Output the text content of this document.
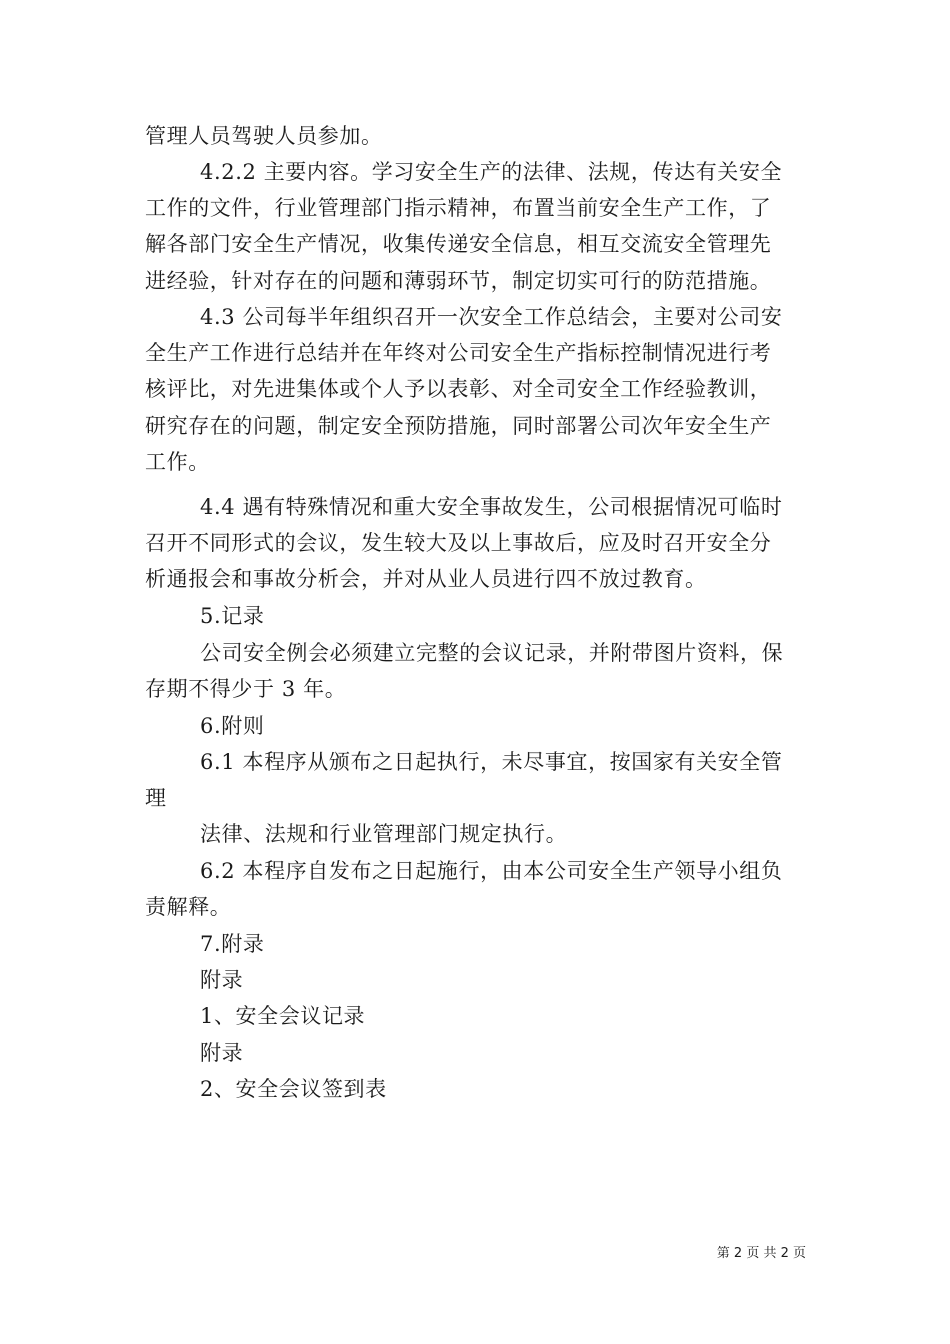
管理人员驾驶人员参加。
4.2.2 主要内容。学习安全生产的法律、法规，传达有关安全
工作的文件，行业管理部门指示精神，布置当前安全生产工作，了
解各部门安全生产情况，收集传递安全信息，相互交流安全管理先
进经验，针对存在的问题和薄弱环节，制定切实可行的防范措施。
4.3 公司每半年组织召开一次安全工作总结会，主要对公司安
全生产工作进行总结并在年终对公司安全生产指标控制情况进行考
核评比，对先进集体或个人予以表彰、对全司安全工作经验教训，
研究存在的问题，制定安全预防措施，同时部署公司次年安全生产
工作。
4.4 遇有特殊情况和重大安全事故发生，公司根据情况可临时
召开不同形式的会议，发生较大及以上事故后，应及时召开安全分
析通报会和事故分析会，并对从业人员进行四不放过教育。
5.记录
公司安全例会必须建立完整的会议记录，并附带图片资料，保
存期不得少于 3 年。
6.附则
6.1 本程序从颁布之日起执行，未尽事宜，按国家有关安全管
理
法律、法规和行业管理部门规定执行。
6.2 本程序自发布之日起施行，由本公司安全生产领导小组负
责解释。
7.附录
附录
1、安全会议记录
附录
2、安全会议签到表
第 2 页 共 2 页
